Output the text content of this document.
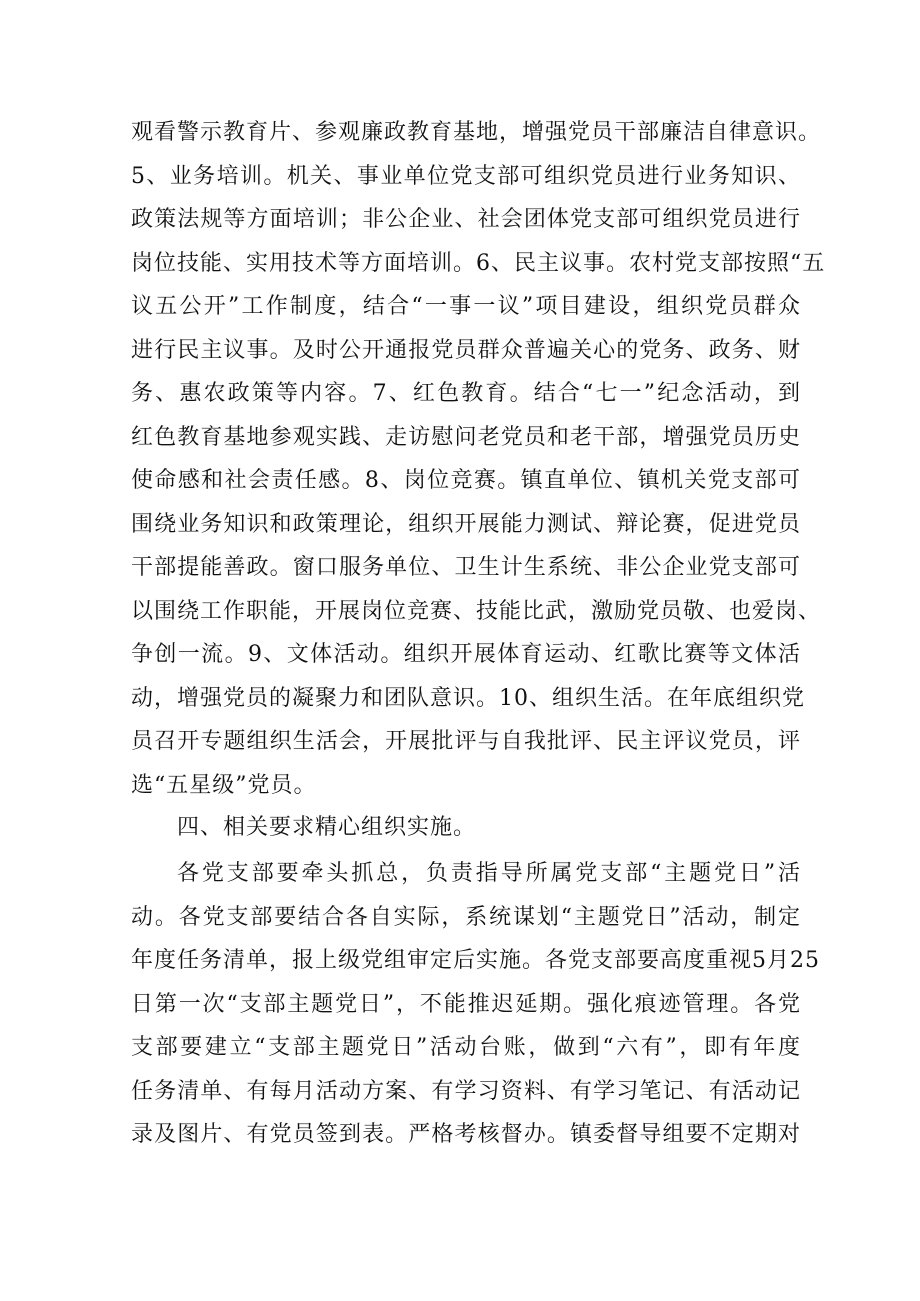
观看警示教育片、参观廉政教育基地，增强党员干部廉洁自律意识。
5、业务培训。机关、事业单位党支部可组织党员进行业务知识、
政策法规等方面培训；非公企业、社会团体党支部可组织党员进行
岗位技能、实用技术等方面培训。6、民主议事。农村党支部按照“五
议五公开”工作制度，结合“一事一议”项目建设，组织党员群众
进行民主议事。及时公开通报党员群众普遍关心的党务、政务、财
务、惠农政策等内容。7、红色教育。结合“七一”纪念活动，到
红色教育基地参观实践、走访慰问老党员和老干部，增强党员历史
使命感和社会责任感。8、岗位竞赛。镇直单位、镇机关党支部可
围绕业务知识和政策理论，组织开展能力测试、辩论赛，促进党员
干部提能善政。窗口服务单位、卫生计生系统、非公企业党支部可
以围绕工作职能，开展岗位竞赛、技能比武，激励党员敬、也爱岗、
争创一流。9、文体活动。组织开展体育运动、红歌比赛等文体活
动，增强党员的凝聚力和团队意识。10、组织生活。在年底组织党
员召开专题组织生活会，开展批评与自我批评、民主评议党员，评
选“五星级”党员。
四、相关要求精心组织实施。
各党支部要牵头抓总，负责指导所属党支部“主题党日”活
动。各党支部要结合各自实际，系统谋划“主题党日”活动，制定
年度任务清单，报上级党组审定后实施。各党支部要高度重视5月25
日第一次“支部主题党日”，不能推迟延期。强化痕迹管理。各党
支部要建立“支部主题党日”活动台账，做到“六有”，即有年度
任务清单、有每月活动方案、有学习资料、有学习笔记、有活动记
录及图片、有党员签到表。严格考核督办。镇委督导组要不定期对
